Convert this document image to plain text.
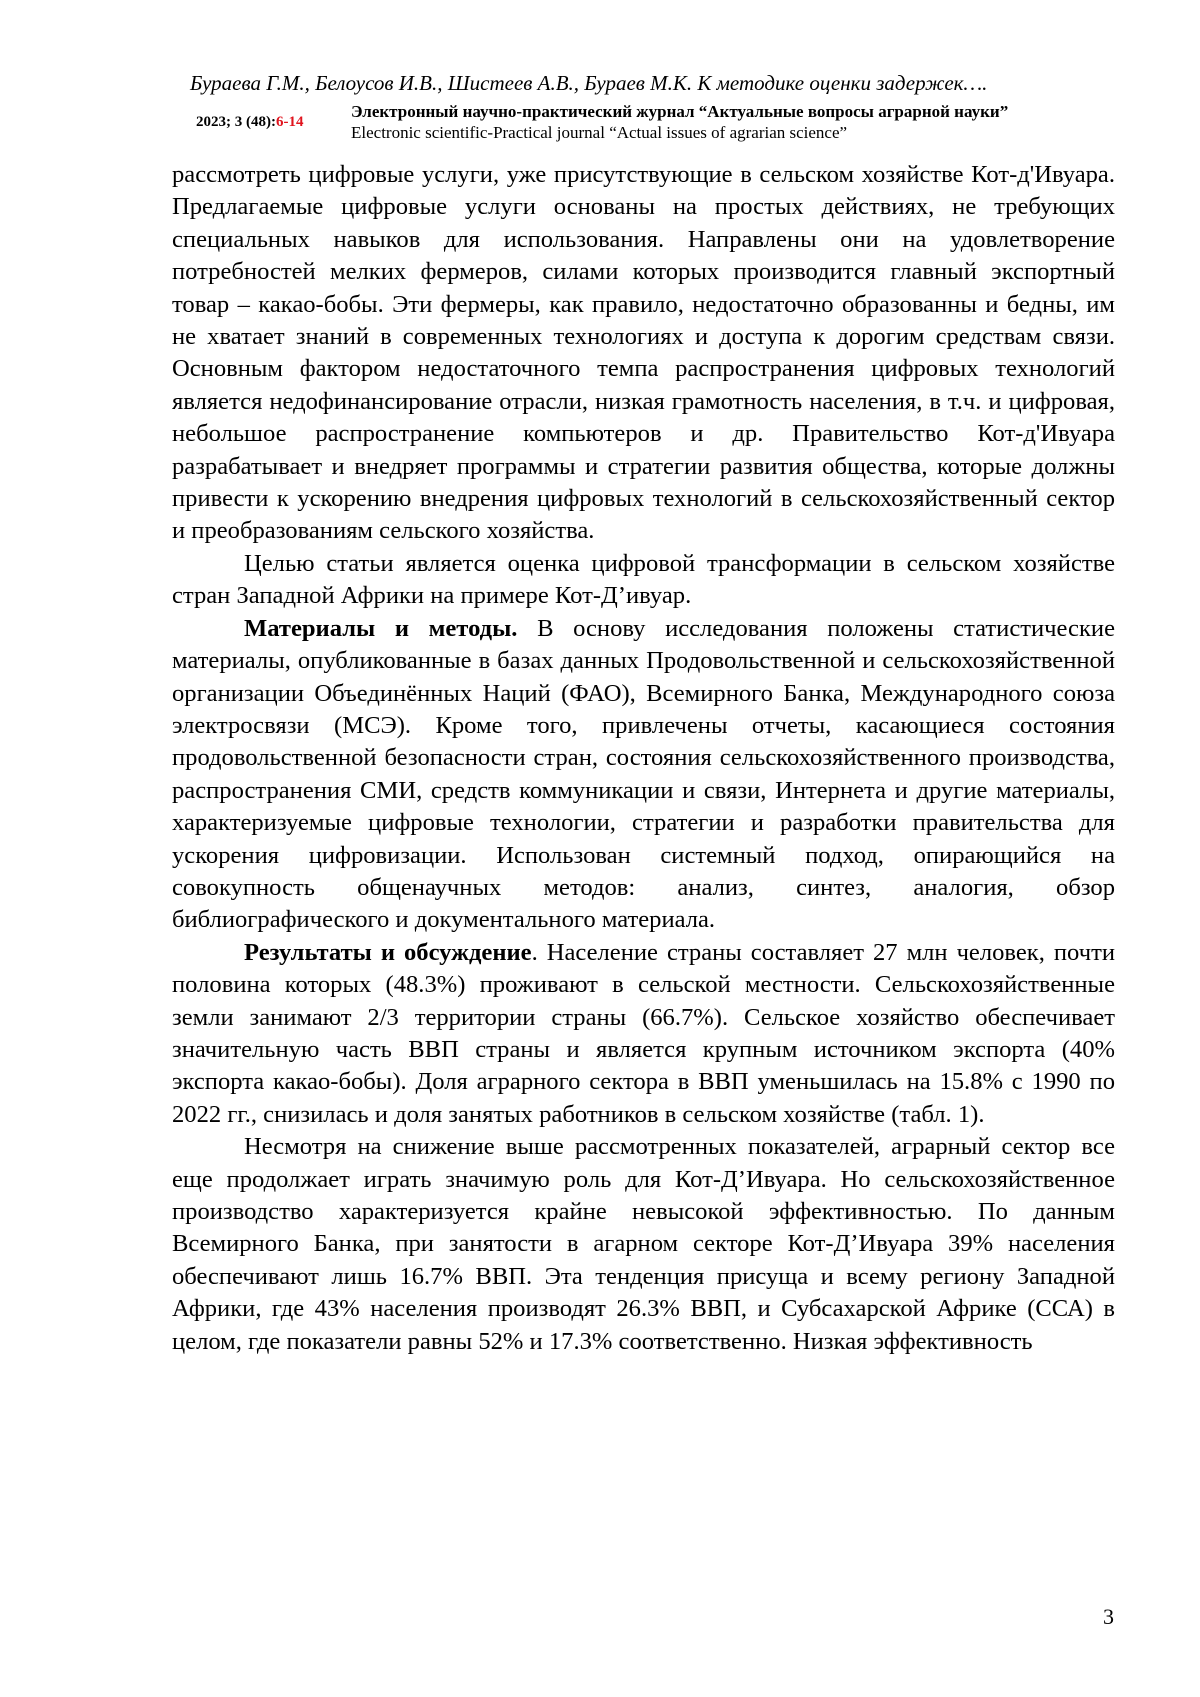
Бураева Г.М., Белоусов И.В., Шистеев А.В., Бураев М.К. К методике оценки задержек….
2023; 3 (48):6-14
Электронный научно-практический журнал “Актуальные вопросы аграрной науки”
Electronic scientific-Practical journal “Actual issues of agrarian science”

рассмотреть цифровые услуги, уже присутствующие в сельском хозяйстве Кот-д'Ивуара. Предлагаемые цифровые услуги основаны на простых действиях, не требующих специальных навыков для использования. Направлены они на удовлетворение потребностей мелких фермеров, силами которых производится главный экспортный товар – какао-бобы. Эти фермеры, как правило, недостаточно образованны и бедны, им не хватает знаний в современных технологиях и доступа к дорогим средствам связи. Основным фактором недостаточного темпа распространения цифровых технологий является недофинансирование отрасли, низкая грамотность населения, в т.ч. и цифровая, небольшое распространение компьютеров и др. Правительство Кот-д'Ивуара разрабатывает и внедряет программы и стратегии развития общества, которые должны привести к ускорению внедрения цифровых технологий в сельскохозяйственный сектор и преобразованиям сельского хозяйства.

Целью статьи является оценка цифровой трансформации в сельском хозяйстве стран Западной Африки на примере Кот-Д’ивуар.

Материалы и методы. В основу исследования положены статистические материалы, опубликованные в базах данных Продовольственной и сельскохозяйственной организации Объединённых Наций (ФАО), Всемирного Банка, Международного союза электросвязи (МСЭ). Кроме того, привлечены отчеты, касающиеся состояния продовольственной безопасности стран, состояния сельскохозяйственного производства, распространения СМИ, средств коммуникации и связи, Интернета и другие материалы, характеризуемые цифровые технологии, стратегии и разработки правительства для ускорения цифровизации. Использован системный подход, опирающийся на совокупность общенаучных методов: анализ, синтез, аналогия, обзор библиографического и документального материала.

Результаты и обсуждение. Население страны составляет 27 млн человек, почти половина которых (48.3%) проживают в сельской местности. Сельскохозяйственные земли занимают 2/3 территории страны (66.7%). Сельское хозяйство обеспечивает значительную часть ВВП страны и является крупным источником экспорта (40% экспорта какао-бобы). Доля аграрного сектора в ВВП уменьшилась на 15.8% с 1990 по 2022 гг., снизилась и доля занятых работников в сельском хозяйстве (табл. 1).

Несмотря на снижение выше рассмотренных показателей, аграрный сектор все еще продолжает играть значимую роль для Кот-Д’Ивуара. Но сельскохозяйственное производство характеризуется крайне невысокой эффективностью. По данным Всемирного Банка, при занятости в агарном секторе Кот-Д’Ивуара 39% населения обеспечивают лишь 16.7% ВВП. Эта тенденция присуща и всему региону Западной Африки, где 43% населения производят 26.3% ВВП, и Субсахарской Африке (ССА) в целом, где показатели равны 52% и 17.3% соответственно. Низкая эффективность

3
